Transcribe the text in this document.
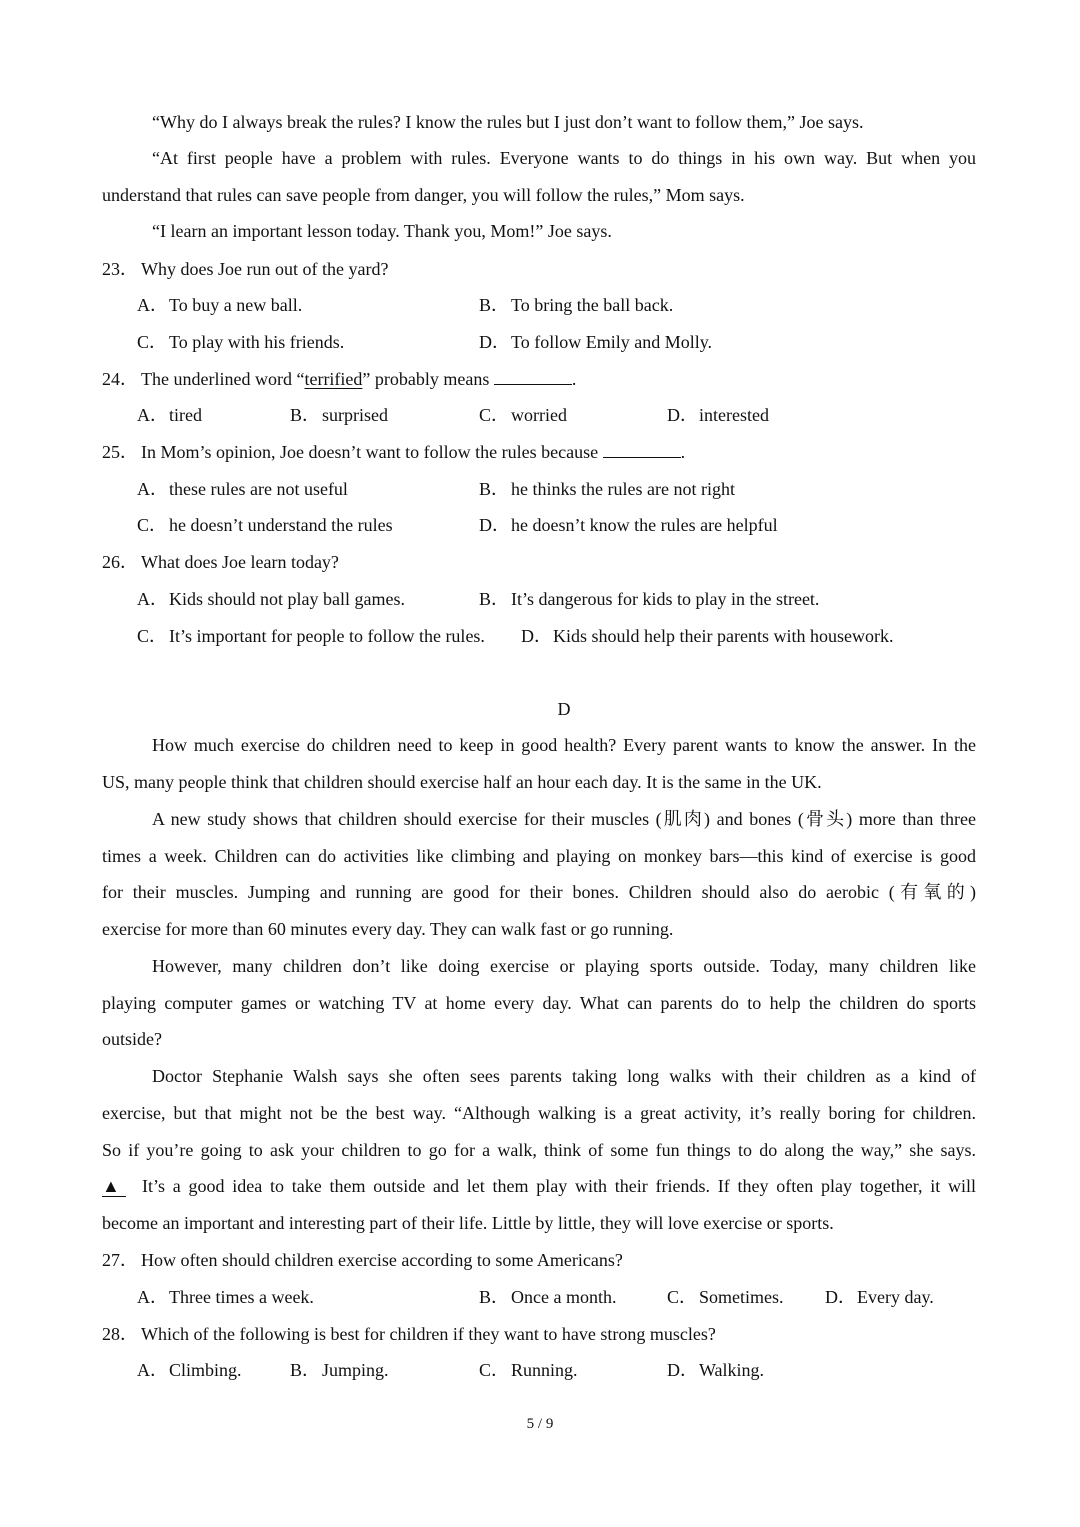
“Why do I always break the rules? I know the rules but I just don’t want to follow them,” Joe says.
“At first people have a problem with rules. Everyone wants to do things in his own way. But when you
understand that rules can save people from danger, you will follow the rules,” Mom says.
“I learn an important lesson today. Thank you, Mom!” Joe says.
23． Why does Joe run out of the yard?
A． To buy a new ball.	B． To bring the ball back.
C． To play with his friends.	D． To follow Emily and Molly.
24． The underlined word “terrified” probably means	.
A． tired	B． surprised	C． worried	D． interested
25． In Mom’s opinion, Joe doesn’t want to follow the rules because	.
A． these rules are not useful	B． he thinks the rules are not right
C． he doesn’t understand the rules	D． he doesn’t know the rules are helpful
26． What does Joe learn today?
A． Kids should not play ball games.	B． It’s dangerous for kids to play in the street.
C． It’s important for people to follow the rules. D． Kids should help their parents with housework.
D
How much exercise do children need to keep in good health? Every parent wants to know the answer. In the
US, many people think that children should exercise half an hour each day. It is the same in the UK.
A new study shows that children should exercise for their muscles (肌肉) and bones (骨头) more than three
times a week. Children can do activities like climbing and playing on monkey bars—this kind of exercise is good
for their muscles. Jumping and running are good for their bones. Children should also do aerobic (有氧的)
exercise for more than 60 minutes every day. They can walk fast or go running.
However, many children don’t like doing exercise or playing sports outside. Today, many children like
playing computer games or watching TV at home every day. What can parents do to help the children do sports
outside?
Doctor Stephanie Walsh says she often sees parents taking long walks with their children as a kind of
exercise, but that might not be the best way. “Although walking is a great activity, it’s really boring for children.
So if you’re going to ask your children to go for a walk, think of some fun things to do along the way,” she says.
▲	It’s a good idea to take them outside and let them play with their friends. If they often play together, it will
become an important and interesting part of their life. Little by little, they will love exercise or sports.
27． How often should children exercise according to some Americans?
A． Three times a week.	B． Once a month.	C． Sometimes. D． Every day.
28． Which of the following is best for children if they want to have strong muscles?
A． Climbing.	B． Jumping.	C． Running.	D． Walking.
5 / 9
